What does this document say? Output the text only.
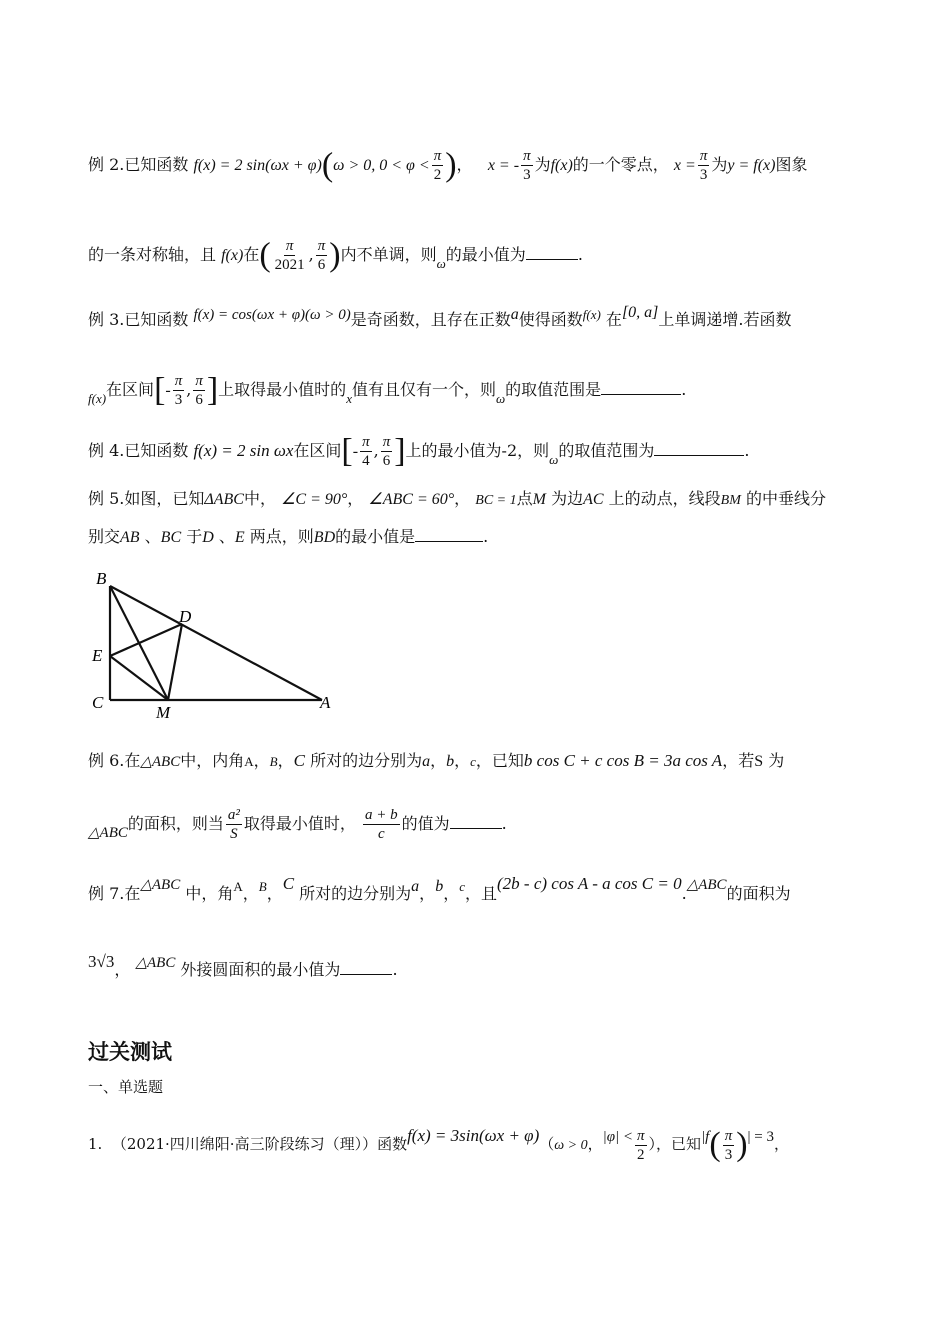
例 2.已知函数 f(x) = 2 sin(ωx + φ)(ω > 0, $0 < \varphi < \frac{\pi}{2}$ )， x = - $\frac{\pi}{3}$ 为f(x)的一个零点， $x = \frac{\pi}{3}$ 为y = f(x)图象
的一条对称轴，且 f(x)在( $\frac{\pi}{2021}$ , $\frac{\pi}{6}$ )内不单调，则$_\omega$的最小值为	.
例 3.已知函数 f(x) = cos(ωx + φ)(ω > 0)是奇函数，且存在正数a使得函数$^{f(x)}$ 在[0, a]上单调递增.若函数
$_{f(x)}$在区间[- $\frac{\pi}{3}$ , $\frac{\pi}{6}$ ]上取得最小值时的$_x$值有且仅有一个，则$_\omega$的取值范围是	.
例 4.已知函数 f(x) = 2 sin ωx在区间[- $\frac{\pi}{4}$ , $\frac{\pi}{6}$ ]上的最小值为-2，则$_\omega$的取值范围为	.
例 5.如图，已知ΔABC中， ∠C = 90°， ∠ABC = 60°， BC = 1点M 为边AC 上的动点，线段BM 的中垂线分
别交AB 、BC 于D 、E 两点，则BD的最小值是	.
B
D
E
C
M
A
例 6.在△ABC中，内角A，B，C 所对的边分别为a，b，c，已知b cos C + c cos B = 3a cos A，若S 为
△ABC的面积，则当 $\frac{\text{a²}}{S}$ 取得最小值时， $\frac{a + b}{c}$ 的值为	.
例 7.在△ABC 中，角$^A$，$^B$，C 所对的边分别为a，b，$^c$，且(2b - c) cos A - a cos C = 0.△ABC的面积为
3√3， △ABC 外接圆面积的最小值为	.
过关测试
一、单选题
1. （2021·四川绵阳·高三阶段练习（理））函数f(x) = 3sin(ωx + φ)（ω > 0，$|\varphi| < \frac{\pi}{2}$ ），已知$|f( \frac{\pi}{3}$ )| = 3，
